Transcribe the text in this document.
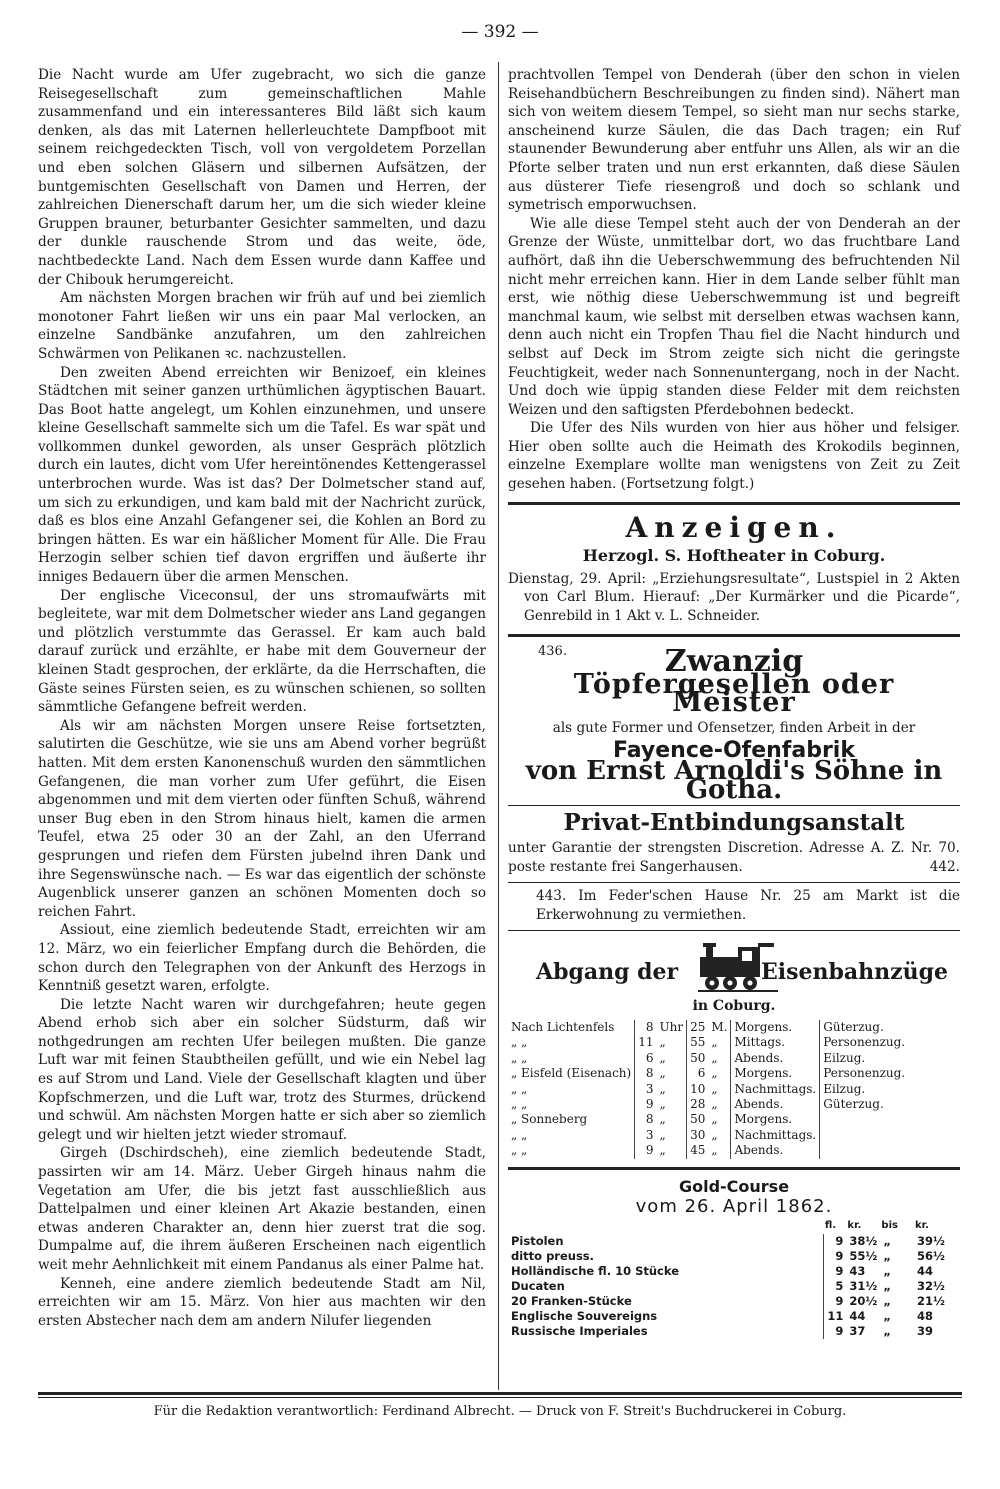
— 392 —

Die Nacht wurde am Ufer zugebracht, wo sich die ganze Reisegesellschaft zum gemeinschaftlichen Mahle zusammenfand und ein interessanteres Bild läßt sich kaum denken, als das mit Laternen hellerleuchtete Dampfboot mit seinem reichgedeckten Tisch, voll von vergoldetem Porzellan und eben solchen Gläsern und silbernen Aufsätzen, der buntgemischten Gesellschaft von Damen und Herren, der zahlreichen Dienerschaft darum her, um die sich wieder kleine Gruppen brauner, beturbanter Gesichter sammelten, und dazu der dunkle rauschende Strom und das weite, öde, nachtbedeckte Land. Nach dem Essen wurde dann Kaffee und der Chibouk herumgereicht.

Am nächsten Morgen brachen wir früh auf und bei ziemlich monotoner Fahrt ließen wir uns ein paar Mal verlocken, an einzelne Sandbänke anzufahren, um den zahlreichen Schwärmen von Pelikanen ꝛc. nachzustellen.

Den zweiten Abend erreichten wir Benizoef, ein kleines Städtchen mit seiner ganzen urthümlichen ägyptischen Bauart. Das Boot hatte angelegt, um Kohlen einzunehmen, und unsere kleine Gesellschaft sammelte sich um die Tafel. Es war spät und vollkommen dunkel geworden, als unser Gespräch plötzlich durch ein lautes, dicht vom Ufer hereintönendes Kettengerassel unterbrochen wurde. Was ist das? Der Dolmetscher stand auf, um sich zu erkundigen, und kam bald mit der Nachricht zurück, daß es blos eine Anzahl Gefangener sei, die Kohlen an Bord zu bringen hätten. Es war ein häßlicher Moment für Alle. Die Frau Herzogin selber schien tief davon ergriffen und äußerte ihr inniges Bedauern über die armen Menschen.

Der englische Viceconsul, der uns stromaufwärts mit begleitete, war mit dem Dolmetscher wieder ans Land gegangen und plötzlich verstummte das Gerassel. Er kam auch bald darauf zurück und erzählte, er habe mit dem Gouverneur der kleinen Stadt gesprochen, der erklärte, da die Herrschaften, die Gäste seines Fürsten seien, es zu wünschen schienen, so sollten sämmtliche Gefangene befreit werden.

Als wir am nächsten Morgen unsere Reise fortsetzten, salutirten die Geschütze, wie sie uns am Abend vorher begrüßt hatten. Mit dem ersten Kanonenschuß wurden den sämmtlichen Gefangenen, die man vorher zum Ufer geführt, die Eisen abgenommen und mit dem vierten oder fünften Schuß, während unser Bug eben in den Strom hinaus hielt, kamen die armen Teufel, etwa 25 oder 30 an der Zahl, an den Uferrand gesprungen und riefen dem Fürsten jubelnd ihren Dank und ihre Segenswünsche nach. — Es war das eigentlich der schönste Augenblick unserer ganzen an schönen Momenten doch so reichen Fahrt.

Assiout, eine ziemlich bedeutende Stadt, erreichten wir am 12. März, wo ein feierlicher Empfang durch die Behörden, die schon durch den Telegraphen von der Ankunft des Herzogs in Kenntniß gesetzt waren, erfolgte.

Die letzte Nacht waren wir durchgefahren; heute gegen Abend erhob sich aber ein solcher Südsturm, daß wir nothgedrungen am rechten Ufer beilegen mußten. Die ganze Luft war mit feinen Staubtheilen gefüllt, und wie ein Nebel lag es auf Strom und Land. Viele der Gesellschaft klagten und über Kopfschmerzen, und die Luft war, trotz des Sturmes, drückend und schwül. Am nächsten Morgen hatte er sich aber so ziemlich gelegt und wir hielten jetzt wieder stromauf.

Girgeh (Dschirdscheh), eine ziemlich bedeutende Stadt, passirten wir am 14. März. Ueber Girgeh hinaus nahm die Vegetation am Ufer, die bis jetzt fast ausschließlich aus Dattelpalmen und einer kleinen Art Akazie bestanden, einen etwas anderen Charakter an, denn hier zuerst trat die sog. Dumpalme auf, die ihrem äußeren Erscheinen nach eigentlich weit mehr Aehnlichkeit mit einem Pandanus als einer Palme hat.

Kenneh, eine andere ziemlich bedeutende Stadt am Nil, erreichten wir am 15. März. Von hier aus machten wir den ersten Abstecher nach dem am andern Nilufer liegenden

prachtvollen Tempel von Denderah (über den schon in vielen Reisehandbüchern Beschreibungen zu finden sind). Nähert man sich von weitem diesem Tempel, so sieht man nur sechs starke, anscheinend kurze Säulen, die das Dach tragen; ein Ruf staunender Bewunderung aber entfuhr uns Allen, als wir an die Pforte selber traten und nun erst erkannten, daß diese Säulen aus düsterer Tiefe riesengroß und doch so schlank und symetrisch emporwuchsen.

Wie alle diese Tempel steht auch der von Denderah an der Grenze der Wüste, unmittelbar dort, wo das fruchtbare Land aufhört, daß ihn die Ueberschwemmung des befruchtenden Nil nicht mehr erreichen kann. Hier in dem Lande selber fühlt man erst, wie nöthig diese Ueberschwemmung ist und begreift manchmal kaum, wie selbst mit derselben etwas wachsen kann, denn auch nicht ein Tropfen Thau fiel die Nacht hindurch und selbst auf Deck im Strom zeigte sich nicht die geringste Feuchtigkeit, weder nach Sonnenuntergang, noch in der Nacht. Und doch wie üppig standen diese Felder mit dem reichsten Weizen und den saftigsten Pferdebohnen bedeckt.

Die Ufer des Nils wurden von hier aus höher und felsiger. Hier oben sollte auch die Heimath des Krokodils beginnen, einzelne Exemplare wollte man wenigstens von Zeit zu Zeit gesehen haben. (Fortsetzung folgt.)

Anzeigen.
Herzogl. S. Hoftheater in Coburg.

Dienstag, 29. April: „Erziehungsresultate“, Lustspiel in 2 Akten von Carl Blum. Hierauf: „Der Kurmärker und die Picarde“, Genrebild in 1 Akt v. L. Schneider.

436.	Zwanzig
Töpfergesellen oder Meister
als gute Former und Ofensetzer, finden Arbeit in der
Fayence-Ofenfabrik
von Ernst Arnoldi's Söhne in Gotha.
Privat-Entbindungsanstalt

unter Garantie der strengsten Discretion. Adresse A. Z. Nr. 70. poste restante frei Sangerhausen.	442.

443. Im Feder'schen Hause Nr. 25 am Markt ist die Erkerwohnung zu vermiethen.

Abgang der	Eisenbahnzüge
in Coburg.
Nach Lichtenfels	8	Uhr	25	M.	Morgens.	Güterzug.
„ „	11	„	55	„	Mittags.	Personenzug.
„ „	6	„	50	„	Abends.	Eilzug.
„ Eisfeld (Eisenach)	8	„	6	„	Morgens.	Personenzug.
„ „	3	„	10	„	Nachmittags.	Eilzug.
„ „	9	„	28	„	Abends.	Güterzug.
„ Sonneberg	8	„	50	„	Morgens.	
„ „	3	„	30	„	Nachmittags.	
„ „	9	„	45	„	Abends.	
Gold-Course
vom 26. April 1862.
	fl.	kr.	bis	kr.
Pistolen	9	38½	„	39½
ditto preuss.	9	55½	„	56½
Holländische fl. 10 Stücke	9	43	„	44
Ducaten	5	31½	„	32½
20 Franken-Stücke	9	20½	„	21½
Englische Souvereigns	11	44	„	48
Russische Imperiales	9	37	„	39
Für die Redaktion verantwortlich: Ferdinand Albrecht. — Druck von F. Streit's Buchdruckerei in Coburg.
